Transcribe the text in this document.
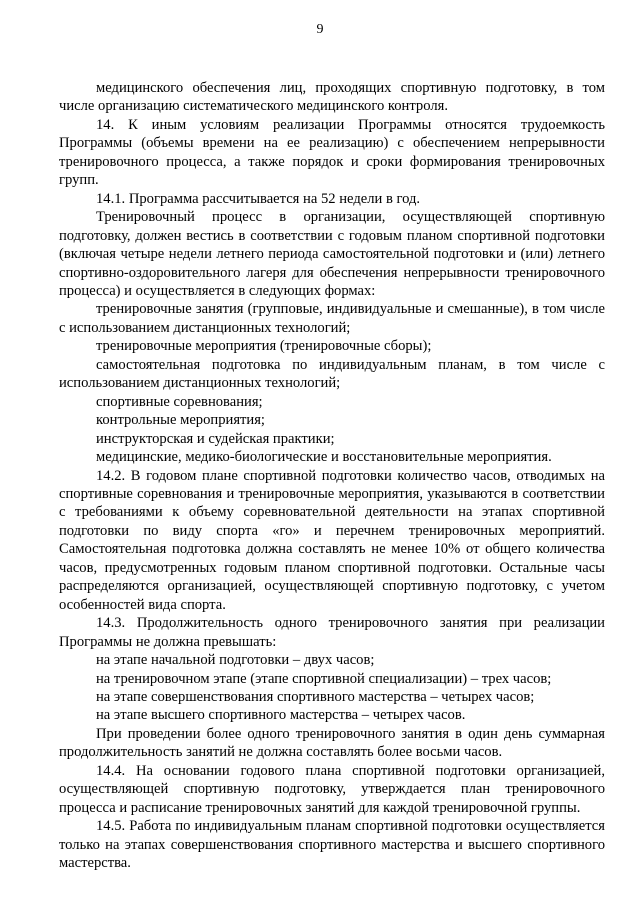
9

медицинского обеспечения лиц, проходящих спортивную подготовку, в том числе организацию систематического медицинского контроля.

14. К иным условиям реализации Программы относятся трудоемкость Программы (объемы времени на ее реализацию) с обеспечением непрерывности тренировочного процесса, а также порядок и сроки формирования тренировочных групп.

14.1. Программа рассчитывается на 52 недели в год.

Тренировочный процесс в организации, осуществляющей спортивную подготовку, должен вестись в соответствии с годовым планом спортивной подготовки (включая четыре недели летнего периода самостоятельной подготовки и (или) летнего спортивно-оздоровительного лагеря для обеспечения непрерывности тренировочного процесса) и осуществляется в следующих формах:

тренировочные занятия (групповые, индивидуальные и смешанные), в том числе с использованием дистанционных технологий;

тренировочные мероприятия (тренировочные сборы);

самостоятельная подготовка по индивидуальным планам, в том числе с использованием дистанционных технологий;

спортивные соревнования;

контрольные мероприятия;

инструкторская и судейская практики;

медицинские, медико-биологические и восстановительные мероприятия.

14.2. В годовом плане спортивной подготовки количество часов, отводимых на спортивные соревнования и тренировочные мероприятия, указываются в соответствии с требованиями к объему соревновательной деятельности на этапах спортивной подготовки по виду спорта «го» и перечнем тренировочных мероприятий. Самостоятельная подготовка должна составлять не менее 10% от общего количества часов, предусмотренных годовым планом спортивной подготовки. Остальные часы распределяются организацией, осуществляющей спортивную подготовку, с учетом особенностей вида спорта.

14.3. Продолжительность одного тренировочного занятия при реализации Программы не должна превышать:

на этапе начальной подготовки – двух часов;

на тренировочном этапе (этапе спортивной специализации) – трех часов;

на этапе совершенствования спортивного мастерства – четырех часов;

на этапе высшего спортивного мастерства – четырех часов.

При проведении более одного тренировочного занятия в один день суммарная продолжительность занятий не должна составлять более восьми часов.

14.4. На основании годового плана спортивной подготовки организацией, осуществляющей спортивную подготовку, утверждается план тренировочного процесса и расписание тренировочных занятий для каждой тренировочной группы.

14.5. Работа по индивидуальным планам спортивной подготовки осуществляется только на этапах совершенствования спортивного мастерства и высшего спортивного мастерства.
